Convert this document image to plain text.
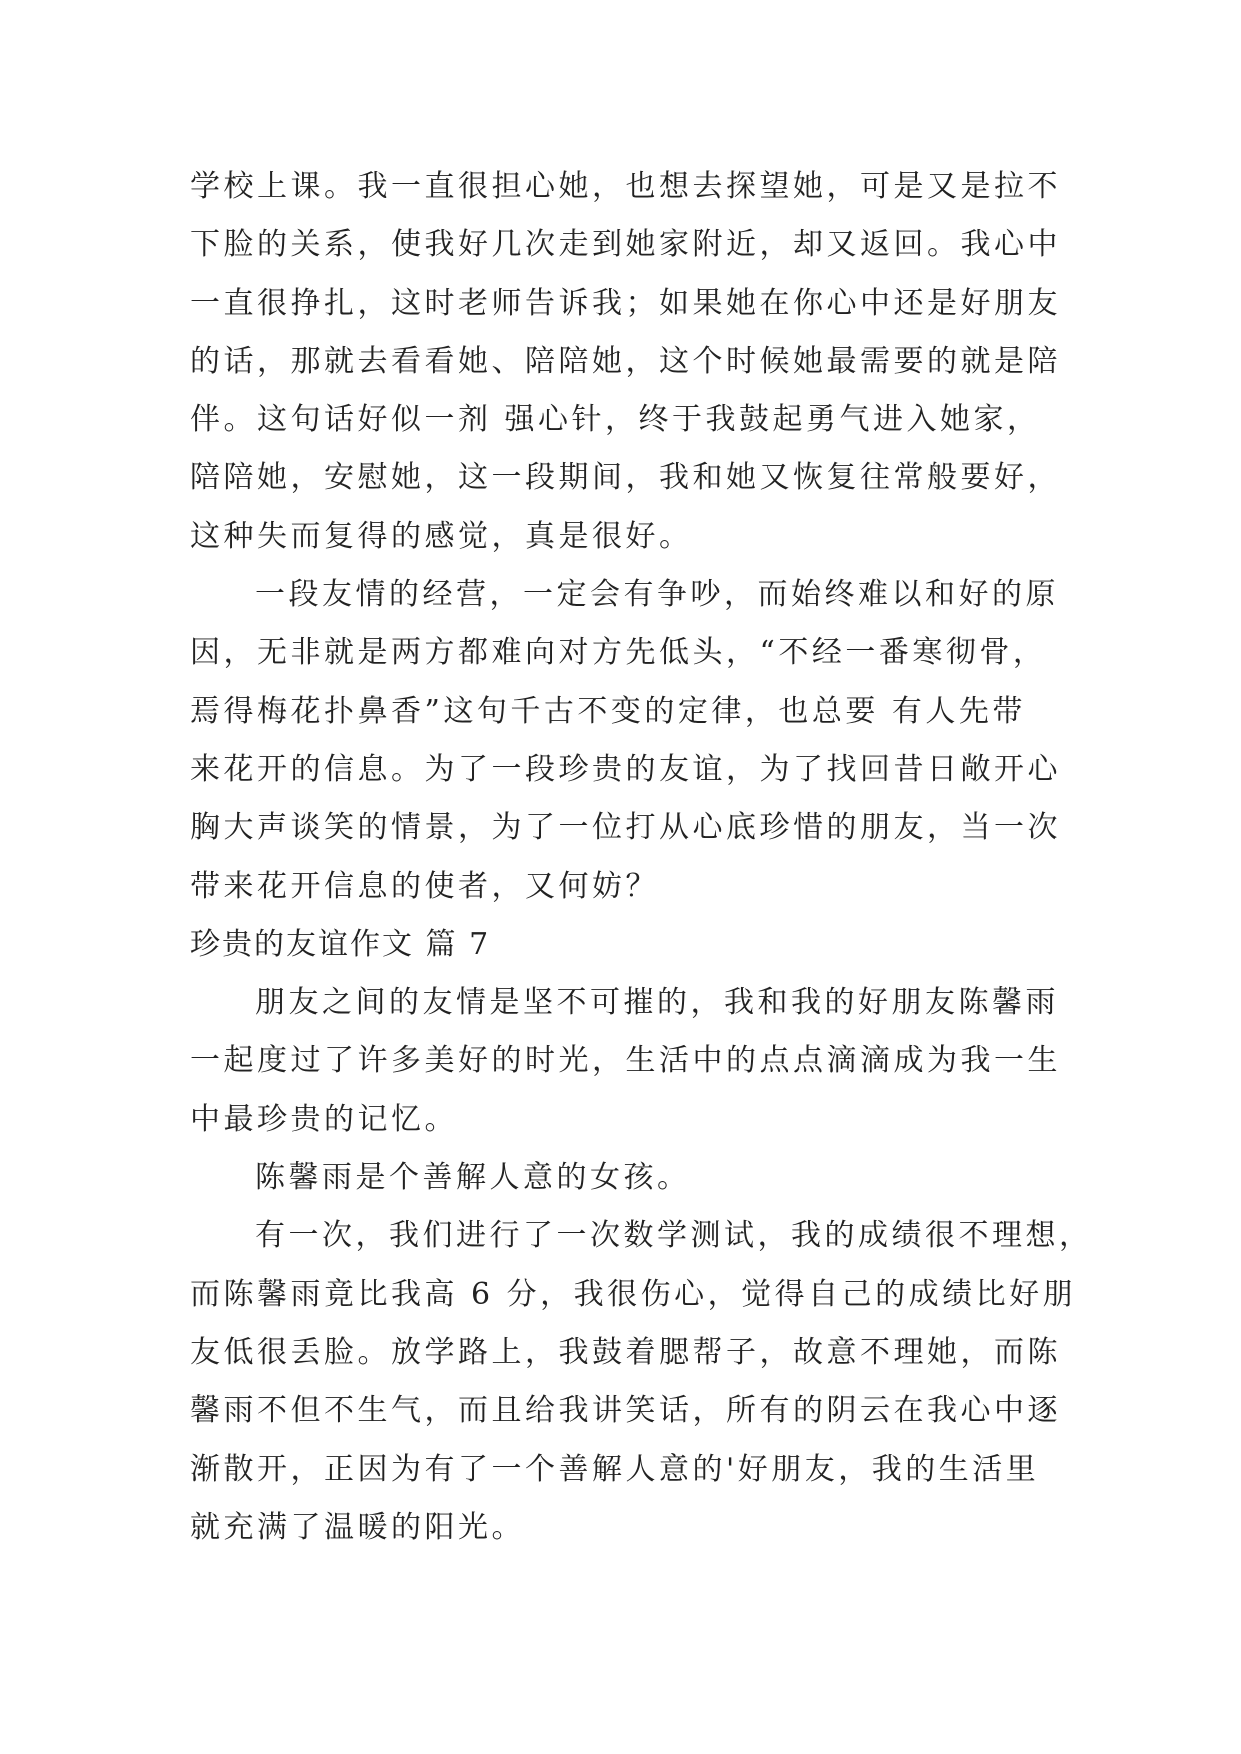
学校上课。我一直很担心她，也想去探望她，可是又是拉不
下脸的关系，使我好几次走到她家附近，却又返回。我心中
一直很挣扎，这时老师告诉我；如果她在你心中还是好朋友
的话，那就去看看她、陪陪她，这个时候她最需要的就是陪
伴。这句话好似一剂 强心针，终于我鼓起勇气进入她家，
陪陪她，安慰她，这一段期间，我和她又恢复往常般要好，
这种失而复得的感觉，真是很好。
一段友情的经营，一定会有争吵，而始终难以和好的原
因，无非就是两方都难向对方先低头，“不经一番寒彻骨，
焉得梅花扑鼻香”这句千古不变的定律，也总要 有人先带
来花开的信息。为了一段珍贵的友谊，为了找回昔日敞开心
胸大声谈笑的情景，为了一位打从心底珍惜的朋友，当一次
带来花开信息的使者，又何妨？
珍贵的友谊作文 篇 7
朋友之间的友情是坚不可摧的，我和我的好朋友陈馨雨
一起度过了许多美好的时光，生活中的点点滴滴成为我一生
中最珍贵的记忆。
陈馨雨是个善解人意的女孩。
有一次，我们进行了一次数学测试，我的成绩很不理想，
而陈馨雨竟比我高 6 分，我很伤心，觉得自己的成绩比好朋
友低很丢脸。放学路上，我鼓着腮帮子，故意不理她，而陈
馨雨不但不生气，而且给我讲笑话，所有的阴云在我心中逐
渐散开，正因为有了一个善解人意的'好朋友，我的生活里
就充满了温暖的阳光。
